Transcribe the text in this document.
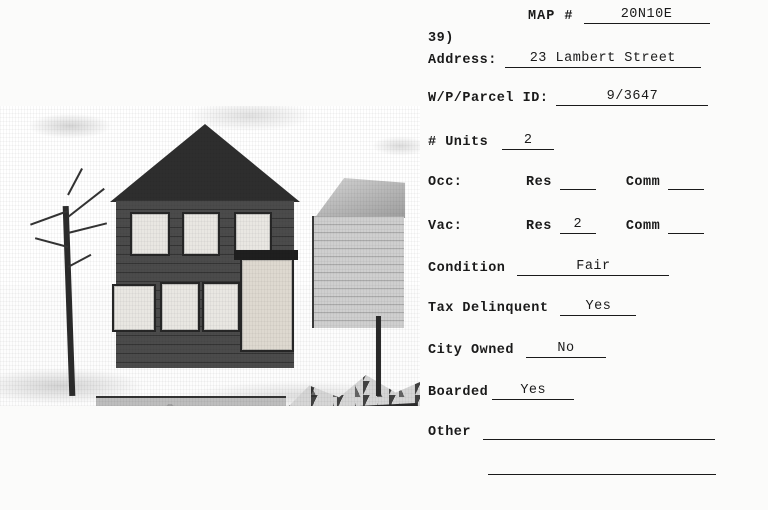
MAP #	20N10E
39)
Address:	23 Lambert Street
W/P/Parcel ID:	9/3647
# Units	2
Occ:	Res	Comm
Vac:	Res	2	Comm
Condition	Fair
Tax Delinquent	Yes
City Owned	No
Boarded	Yes
Other
